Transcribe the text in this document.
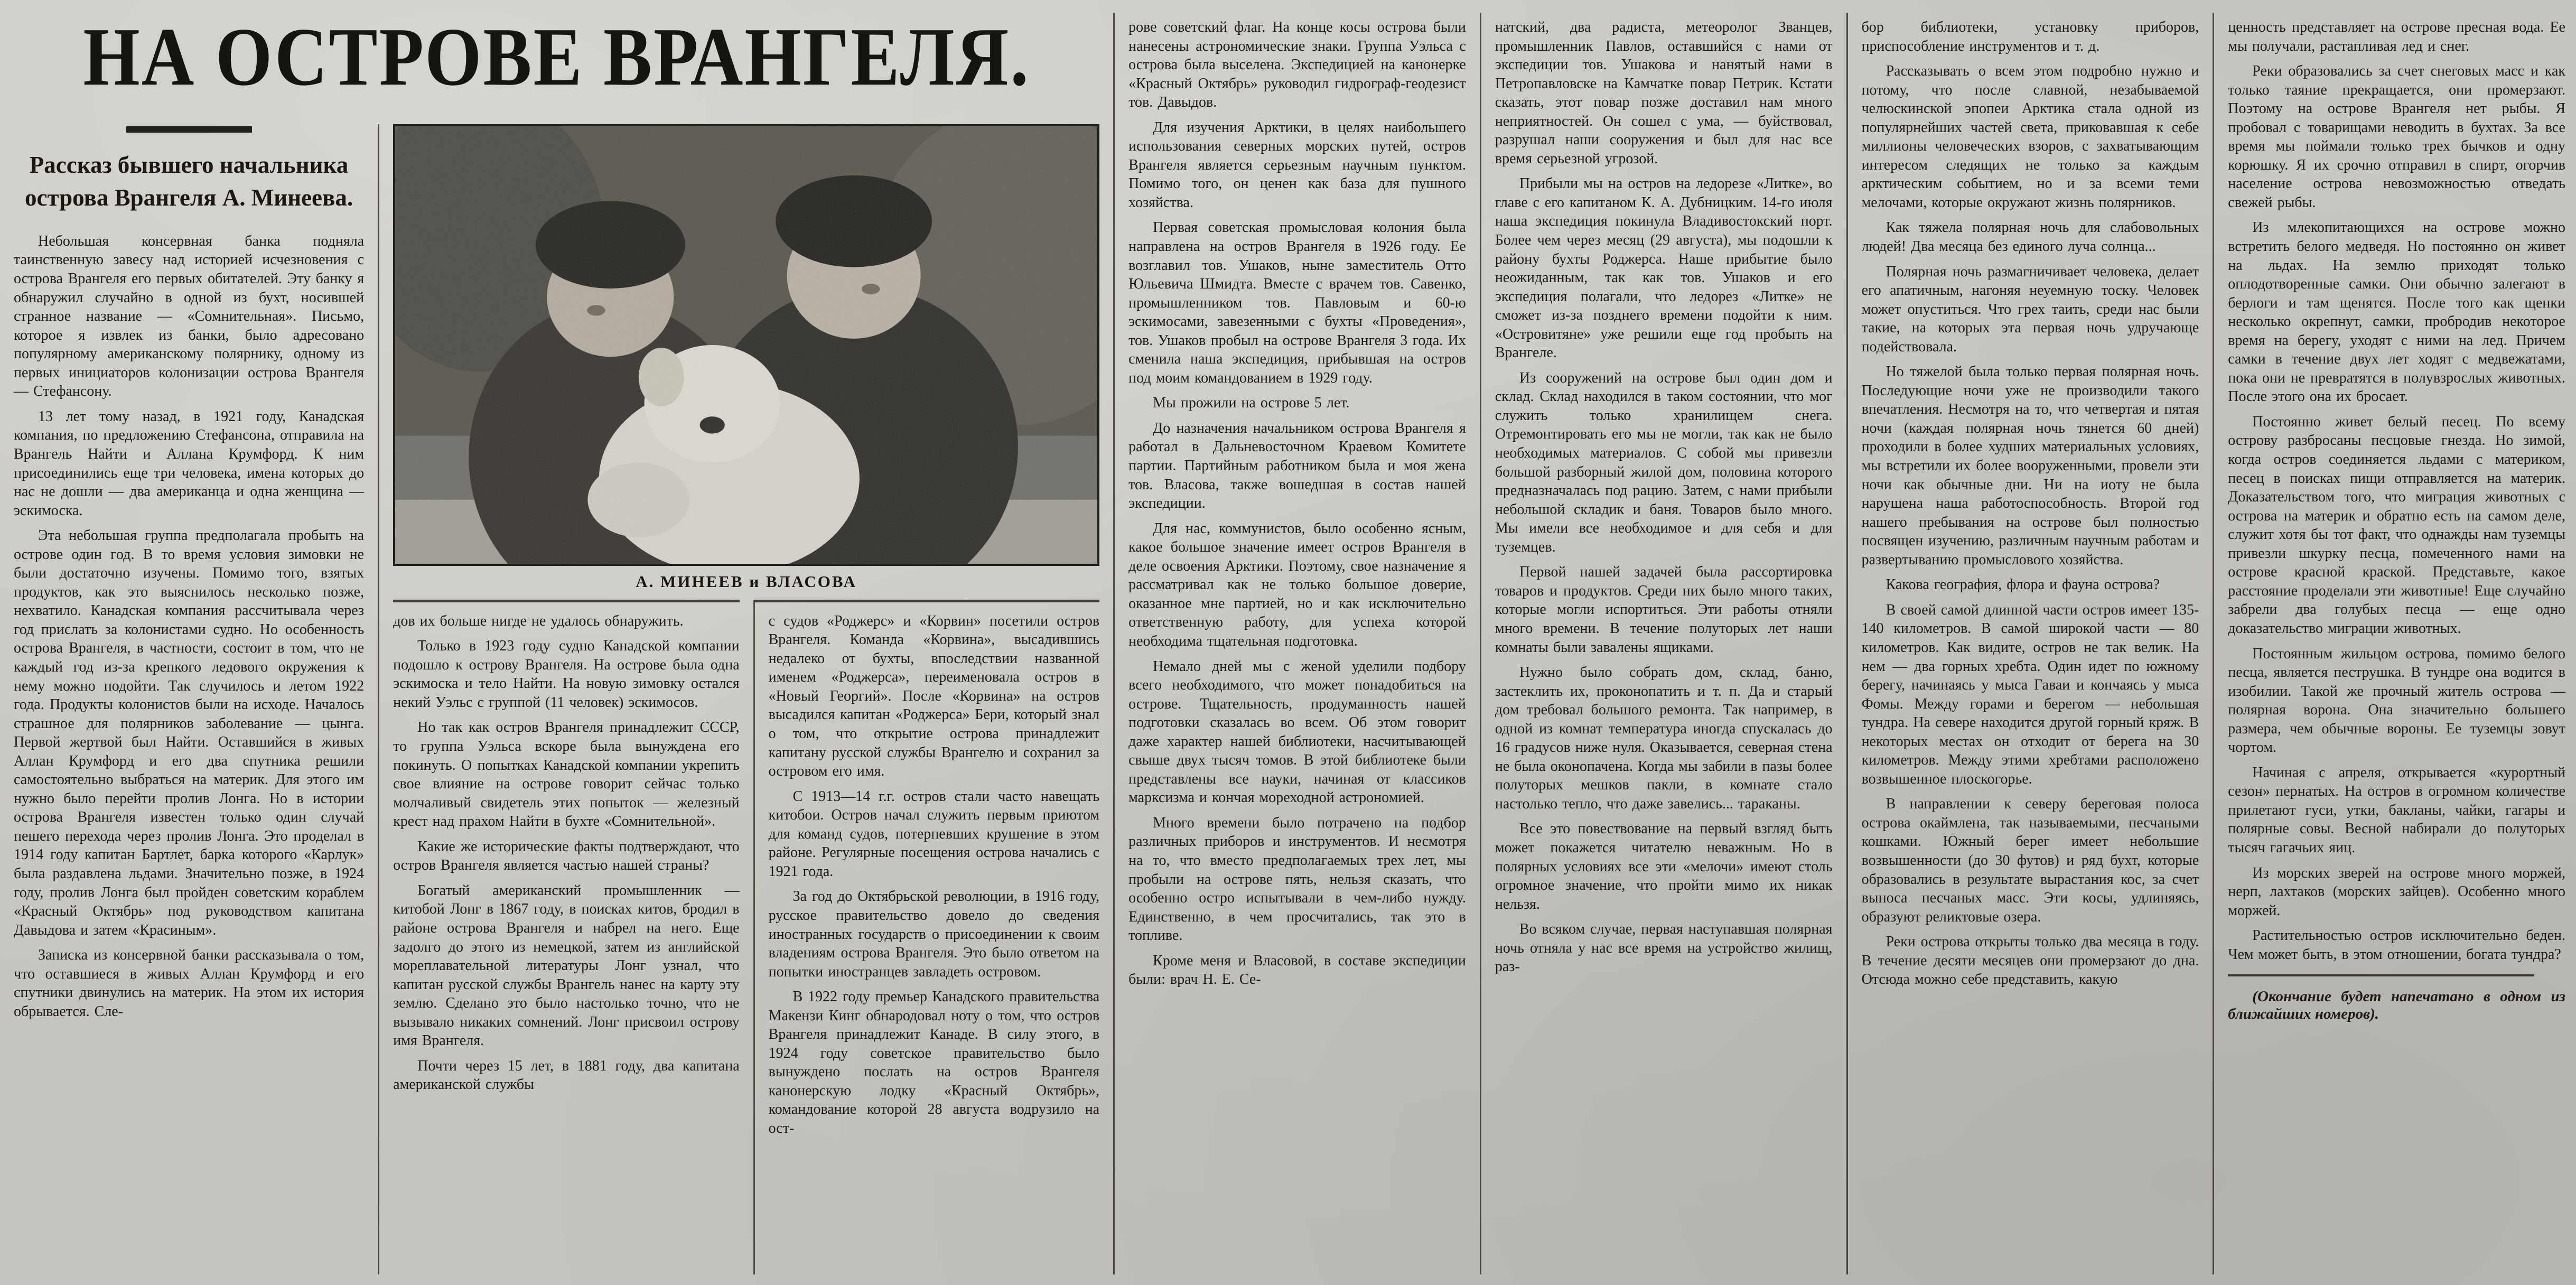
НА ОСТРОВЕ ВРАНГЕЛЯ.
Рассказ бывшего начальника острова Врангеля А. Минеева.

Небольшая консервная банка подняла таинственную завесу над историей исчезновения с острова Врангеля его первых обитателей. Эту банку я обнаружил случайно в одной из бухт, носившей странное название — «Сомнительная». Письмо, которое я извлек из банки, было адресовано популярному американскому полярнику, одному из первых инициаторов колонизации острова Врангеля — Стефансону.

13 лет тому назад, в 1921 году, Канадская компания, по предложению Стефансона, отправила на Врангель Найти и Аллана Крумфорд. К ним присоединились еще три человека, имена которых до нас не дошли — два американца и одна женщина — эскимоска.

Эта небольшая группа предполагала пробыть на острове один год. В то время условия зимовки не были достаточно изучены. Помимо того, взятых продуктов, как это выяснилось несколько позже, нехватило. Канадская компания рассчитывала через год прислать за колонистами судно. Но особенность острова Врангеля, в частности, состоит в том, что не каждый год из-за крепкого ледового окружения к нему можно подойти. Так случилось и летом 1922 года. Продукты колонистов были на исходе. Началось страшное для полярников заболевание — цынга. Первой жертвой был Найти. Оставшийся в живых Аллан Крумфорд и его два спутника решили самостоятельно выбраться на материк. Для этого им нужно было перейти пролив Лонга. Но в истории острова Врангеля известен только один случай пешего перехода через пролив Лонга. Это проделал в 1914 году капитан Бартлет, барка которого «Карлук» была раздавлена льдами. Значительно позже, в 1924 году, пролив Лонга был пройден советским кораблем «Красный Октябрь» под руководством капитана Давыдова и затем «Красиным».

Записка из консервной банки рассказывала о том, что оставшиеся в живых Аллан Крумфорд и его спутники двинулись на материк. На этом их история обрывается. Сле-

А. МИНЕЕВ и ВЛАСОВА

дов их больше нигде не удалось обнаружить.

Только в 1923 году судно Канадской компании подошло к острову Врангеля. На острове была одна эскимоска и тело Найти. На новую зимовку остался некий Уэльс с группой (11 человек) эскимосов.

Но так как остров Врангеля принадлежит СССР, то группа Уэльса вскоре была вынуждена его покинуть. О попытках Канадской компании укрепить свое влияние на острове говорит сейчас только молчаливый свидетель этих попыток — железный крест над прахом Найти в бухте «Сомнительной».

Какие же исторические факты подтверждают, что остров Врангеля является частью нашей страны?

Богатый американский промышленник — китобой Лонг в 1867 году, в поисках китов, бродил в районе острова Врангеля и набрел на него. Еще задолго до этого из немецкой, затем из английской мореплавательной литературы Лонг узнал, что капитан русской службы Врангель нанес на карту эту землю. Сделано это было настолько точно, что не вызывало никаких сомнений. Лонг присвоил острову имя Врангеля.

Почти через 15 лет, в 1881 году, два капитана американской службы

с судов «Роджерс» и «Корвин» посетили остров Врангеля. Команда «Корвина», высадившись недалеко от бухты, впоследствии названной именем «Роджерса», переименовала остров в «Новый Георгий». После «Корвина» на остров высадился капитан «Роджерса» Бери, который знал о том, что открытие острова принадлежит капитану русской службы Врангелю и сохранил за островом его имя.

С 1913—14 г.г. остров стали часто навещать китобои. Остров начал служить первым приютом для команд судов, потерпевших крушение в этом районе. Регулярные посещения острова начались с 1921 года.

За год до Октябрьской революции, в 1916 году, русское правительство довело до сведения иностранных государств о присоединении к своим владениям острова Врангеля. Это было ответом на попытки иностранцев завладеть островом.

В 1922 году премьер Канадского правительства Макензи Кинг обнародовал ноту о том, что остров Врангеля принадлежит Канаде. В силу этого, в 1924 году советское правительство было вынуждено послать на остров Врангеля канонерскую лодку «Красный Октябрь», командование которой 28 августа водрузило на ост-

рове советский флаг. На конце косы острова были нанесены астрономические знаки. Группа Уэльса с острова была выселена. Экспедицией на канонерке «Красный Октябрь» руководил гидрограф-геодезист тов. Давыдов.

Для изучения Арктики, в целях наибольшего использования северных морских путей, остров Врангеля является серьезным научным пунктом. Помимо того, он ценен как база для пушного хозяйства.

Первая советская промысловая колония была направлена на остров Врангеля в 1926 году. Ее возглавил тов. Ушаков, ныне заместитель Отто Юльевича Шмидта. Вместе с врачем тов. Савенко, промышленником тов. Павловым и 60-ю эскимосами, завезенными с бухты «Проведения», тов. Ушаков пробыл на острове Врангеля 3 года. Их сменила наша экспедиция, прибывшая на остров под моим командованием в 1929 году.

Мы прожили на острове 5 лет.

До назначения начальником острова Врангеля я работал в Дальневосточном Краевом Комитете партии. Партийным работником была и моя жена тов. Власова, также вошедшая в состав нашей экспедиции.

Для нас, коммунистов, было особенно ясным, какое большое значение имеет остров Врангеля в деле освоения Арктики. Поэтому, свое назначение я рассматривал как не только большое доверие, оказанное мне партией, но и как исключительно ответственную работу, для успеха которой необходима тщательная подготовка.

Немало дней мы с женой уделили подбору всего необходимого, что может понадобиться на острове. Тщательность, продуманность нашей подготовки сказалась во всем. Об этом говорит даже характер нашей библиотеки, насчитывающей свыше двух тысяч томов. В этой библиотеке были представлены все науки, начиная от классиков марксизма и кончая мореходной астрономией.

Много времени было потрачено на подбор различных приборов и инструментов. И несмотря на то, что вместо предполагаемых трех лет, мы пробыли на острове пять, нельзя сказать, что особенно остро испытывали в чем-либо нужду. Единственно, в чем просчитались, так это в топливе.

Кроме меня и Власовой, в составе экспедиции были: врач Н. Е. Се-

натский, два радиста, метеоролог Званцев, промышленник Павлов, оставшийся с нами от экспедиции тов. Ушакова и нанятый нами в Петропавловске на Камчатке повар Петрик. Кстати сказать, этот повар позже доставил нам много неприятностей. Он сошел с ума, — буйствовал, разрушал наши сооружения и был для нас все время серьезной угрозой.

Прибыли мы на остров на ледорезе «Литке», во главе с его капитаном К. А. Дубницким. 14-го июля наша экспедиция покинула Владивостокский порт. Более чем через месяц (29 августа), мы подошли к району бухты Роджерса. Наше прибытие было неожиданным, так как тов. Ушаков и его экспедиция полагали, что ледорез «Литке» не сможет из-за позднего времени подойти к ним. «Островитяне» уже решили еще год пробыть на Врангеле.

Из сооружений на острове был один дом и склад. Склад находился в таком состоянии, что мог служить только хранилищем снега. Отремонтировать его мы не могли, так как не было необходимых материалов. С собой мы привезли большой разборный жилой дом, половина которого предназначалась под рацию. Затем, с нами прибыли небольшой складик и баня. Товаров было много. Мы имели все необходимое и для себя и для туземцев.

Первой нашей задачей была рассортировка товаров и продуктов. Среди них было много таких, которые могли испортиться. Эти работы отняли много времени. В течение полуторых лет наши комнаты были завалены ящиками.

Нужно было собрать дом, склад, баню, застеклить их, проконопатить и т. п. Да и старый дом требовал большого ремонта. Так например, в одной из комнат температура иногда спускалась до 16 градусов ниже нуля. Оказывается, северная стена не была оконопачена. Когда мы забили в пазы более полуторых мешков пакли, в комнате стало настолько тепло, что даже завелись... тараканы.

Все это повествование на первый взгляд быть может покажется читателю неважным. Но в полярных условиях все эти «мелочи» имеют столь огромное значение, что пройти мимо их никак нельзя.

Во всяком случае, первая наступавшая полярная ночь отняла у нас все время на устройство жилищ, раз-

бор библиотеки, установку приборов, приспособление инструментов и т. д.

Рассказывать о всем этом подробно нужно и потому, что после славной, незабываемой челюскинской эпопеи Арктика стала одной из популярнейших частей света, приковавшая к себе миллионы человеческих взоров, с захватывающим интересом следящих не только за каждым арктическим событием, но и за всеми теми мелочами, которые окружают жизнь полярников.

Как тяжела полярная ночь для слабовольных людей! Два месяца без единого луча солнца...

Полярная ночь размагничивает человека, делает его апатичным, нагоняя неуемную тоску. Человек может опуститься. Что грех таить, среди нас были такие, на которых эта первая ночь удручающе подействовала.

Но тяжелой была только первая полярная ночь. Последующие ночи уже не производили такого впечатления. Несмотря на то, что четвертая и пятая ночи (каждая полярная ночь тянется 60 дней) проходили в более худших материальных условиях, мы встретили их более вооруженными, провели эти ночи как обычные дни. Ни на иоту не была нарушена наша работоспособность. Второй год нашего пребывания на острове был полностью посвящен изучению, различным научным работам и развертыванию промыслового хозяйства.

Какова география, флора и фауна острова?

В своей самой длинной части остров имеет 135-140 километров. В самой широкой части — 80 километров. Как видите, остров не так велик. На нем — два горных хребта. Один идет по южному берегу, начинаясь у мыса Гаваи и кончаясь у мыса Фомы. Между горами и берегом — небольшая тундра. На севере находится другой горный кряж. В некоторых местах он отходит от берега на 30 километров. Между этими хребтами расположено возвышенное плоскогорье.

В направлении к северу береговая полоса острова окаймлена, так называемыми, песчаными кошками. Южный берег имеет небольшие возвышенности (до 30 футов) и ряд бухт, которые образовались в результате вырастания кос, за счет выноса песчаных масс. Эти косы, удлиняясь, образуют реликтовые озера.

Реки острова открыты только два месяца в году. В течение десяти месяцев они промерзают до дна. Отсюда можно себе представить, какую

ценность представляет на острове пресная вода. Ее мы получали, растапливая лед и снег.

Реки образовались за счет снеговых масс и как только таяние прекращается, они промерзают. Поэтому на острове Врангеля нет рыбы. Я пробовал с товарищами неводить в бухтах. За все время мы поймали только трех бычков и одну корюшку. Я их срочно отправил в спирт, огорчив население острова невозможностью отведать свежей рыбы.

Из млекопитающихся на острове можно встретить белого медведя. Но постоянно он живет на льдах. На землю приходят только оплодотворенные самки. Они обычно залегают в берлоги и там щенятся. После того как щенки несколько окрепнут, самки, пробродив некоторое время на берегу, уходят с ними на лед. Причем самки в течение двух лет ходят с медвежатами, пока они не превратятся в полувзрослых животных. После этого она их бросает.

Постоянно живет белый песец. По всему острову разбросаны песцовые гнезда. Но зимой, когда остров соединяется льдами с материком, песец в поисках пищи отправляется на материк. Доказательством того, что миграция животных с острова на материк и обратно есть на самом деле, служит хотя бы тот факт, что однажды нам туземцы привезли шкурку песца, помеченного нами на острове красной краской. Представьте, какое расстояние проделали эти животные! Еще случайно забрели два голубых песца — еще одно доказательство миграции животных.

Постоянным жильцом острова, помимо белого песца, является пеструшка. В тундре она водится в изобилии. Такой же прочный житель острова — полярная ворона. Она значительно большего размера, чем обычные вороны. Ее туземцы зовут чортом.

Начиная с апреля, открывается «курортный сезон» пернатых. На остров в огромном количестве прилетают гуси, утки, бакланы, чайки, гагары и полярные совы. Весной набирали до полуторых тысяч гагачьих яиц.

Из морских зверей на острове много моржей, нерп, лахтаков (морских зайцев). Особенно много моржей.

Растительностью остров исключительно беден. Чем может быть, в этом отношении, богата тундра?

(Окончание будет напечатано в одном из ближайших номеров).
